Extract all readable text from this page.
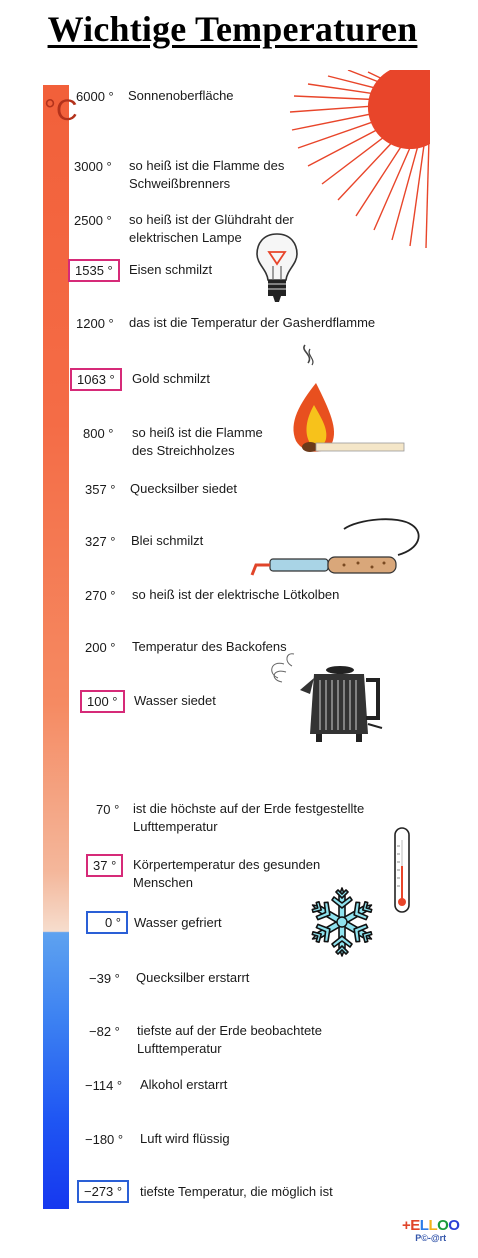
Wichtige Temperaturen
°C
6000 °
3000 °
2500 °
1535 °
1200 °
1063 °
800 °
357 °
327 °
270 °
200 °
100 °
70 °
37 °
0 °
−39 °
−82 °
−114 °
−180 °
−273 °
Sonnenoberfläche
so heiß ist die Flamme des
Schweißbrenners
so heiß ist der Glühdraht der
elektrischen Lampe
Eisen schmilzt
das ist die Temperatur der Gasherdflamme
Gold schmilzt
so heiß ist die Flamme
des Streichholzes
Quecksilber siedet
Blei schmilzt
so heiß ist der elektrische Lötkolben
Temperatur des Backofens
Wasser siedet
ist die höchste auf der Erde festgestellte
Lufttemperatur
Körpertemperatur des gesunden
Menschen
Wasser gefriert
Quecksilber erstarrt
tiefste auf der Erde beobachtete
Lufttemperatur
Alkohol erstarrt
Luft wird flüssig
tiefste Temperatur, die möglich ist
+ELLOO
P©-@rt
